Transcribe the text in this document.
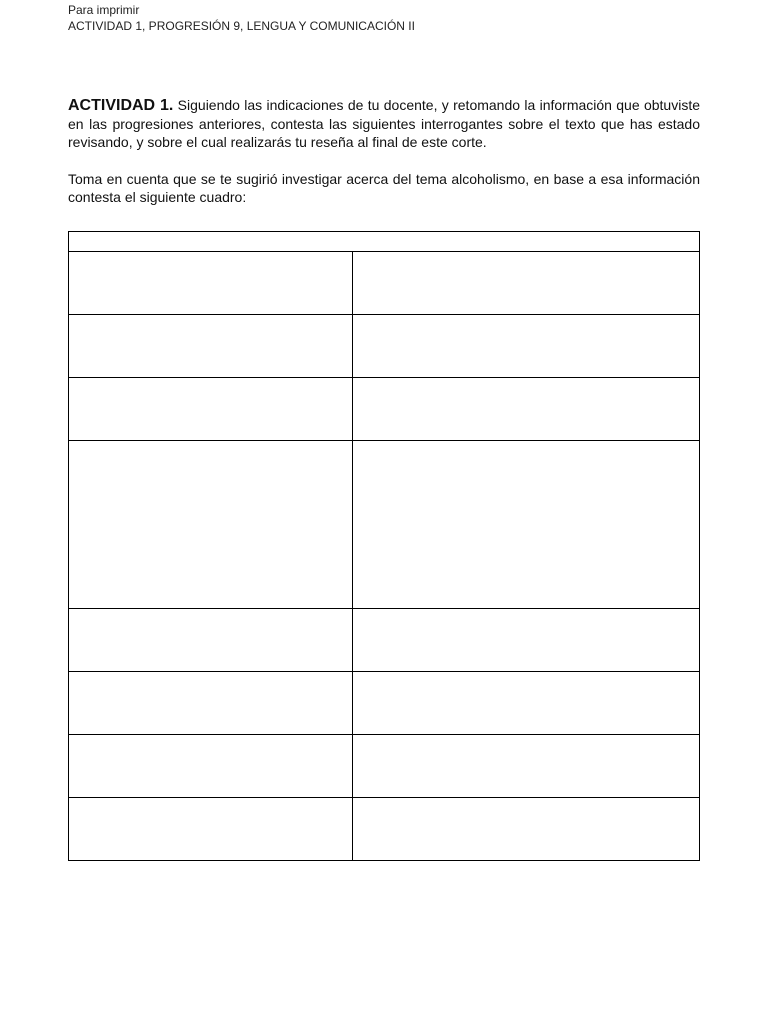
Para imprimir
ACTIVIDAD 1, PROGRESIÓN 9, LENGUA Y COMUNICACIÓN II

ACTIVIDAD 1. Siguiendo las indicaciones de tu docente, y retomando la información que obtuviste en las progresiones anteriores, contesta las siguientes interrogantes sobre el texto que has estado revisando, y sobre el cual realizarás tu reseña al final de este corte.

Toma en cuenta que se te sugirió investigar acerca del tema alcoholismo, en base a esa información contesta el siguiente cuadro:
